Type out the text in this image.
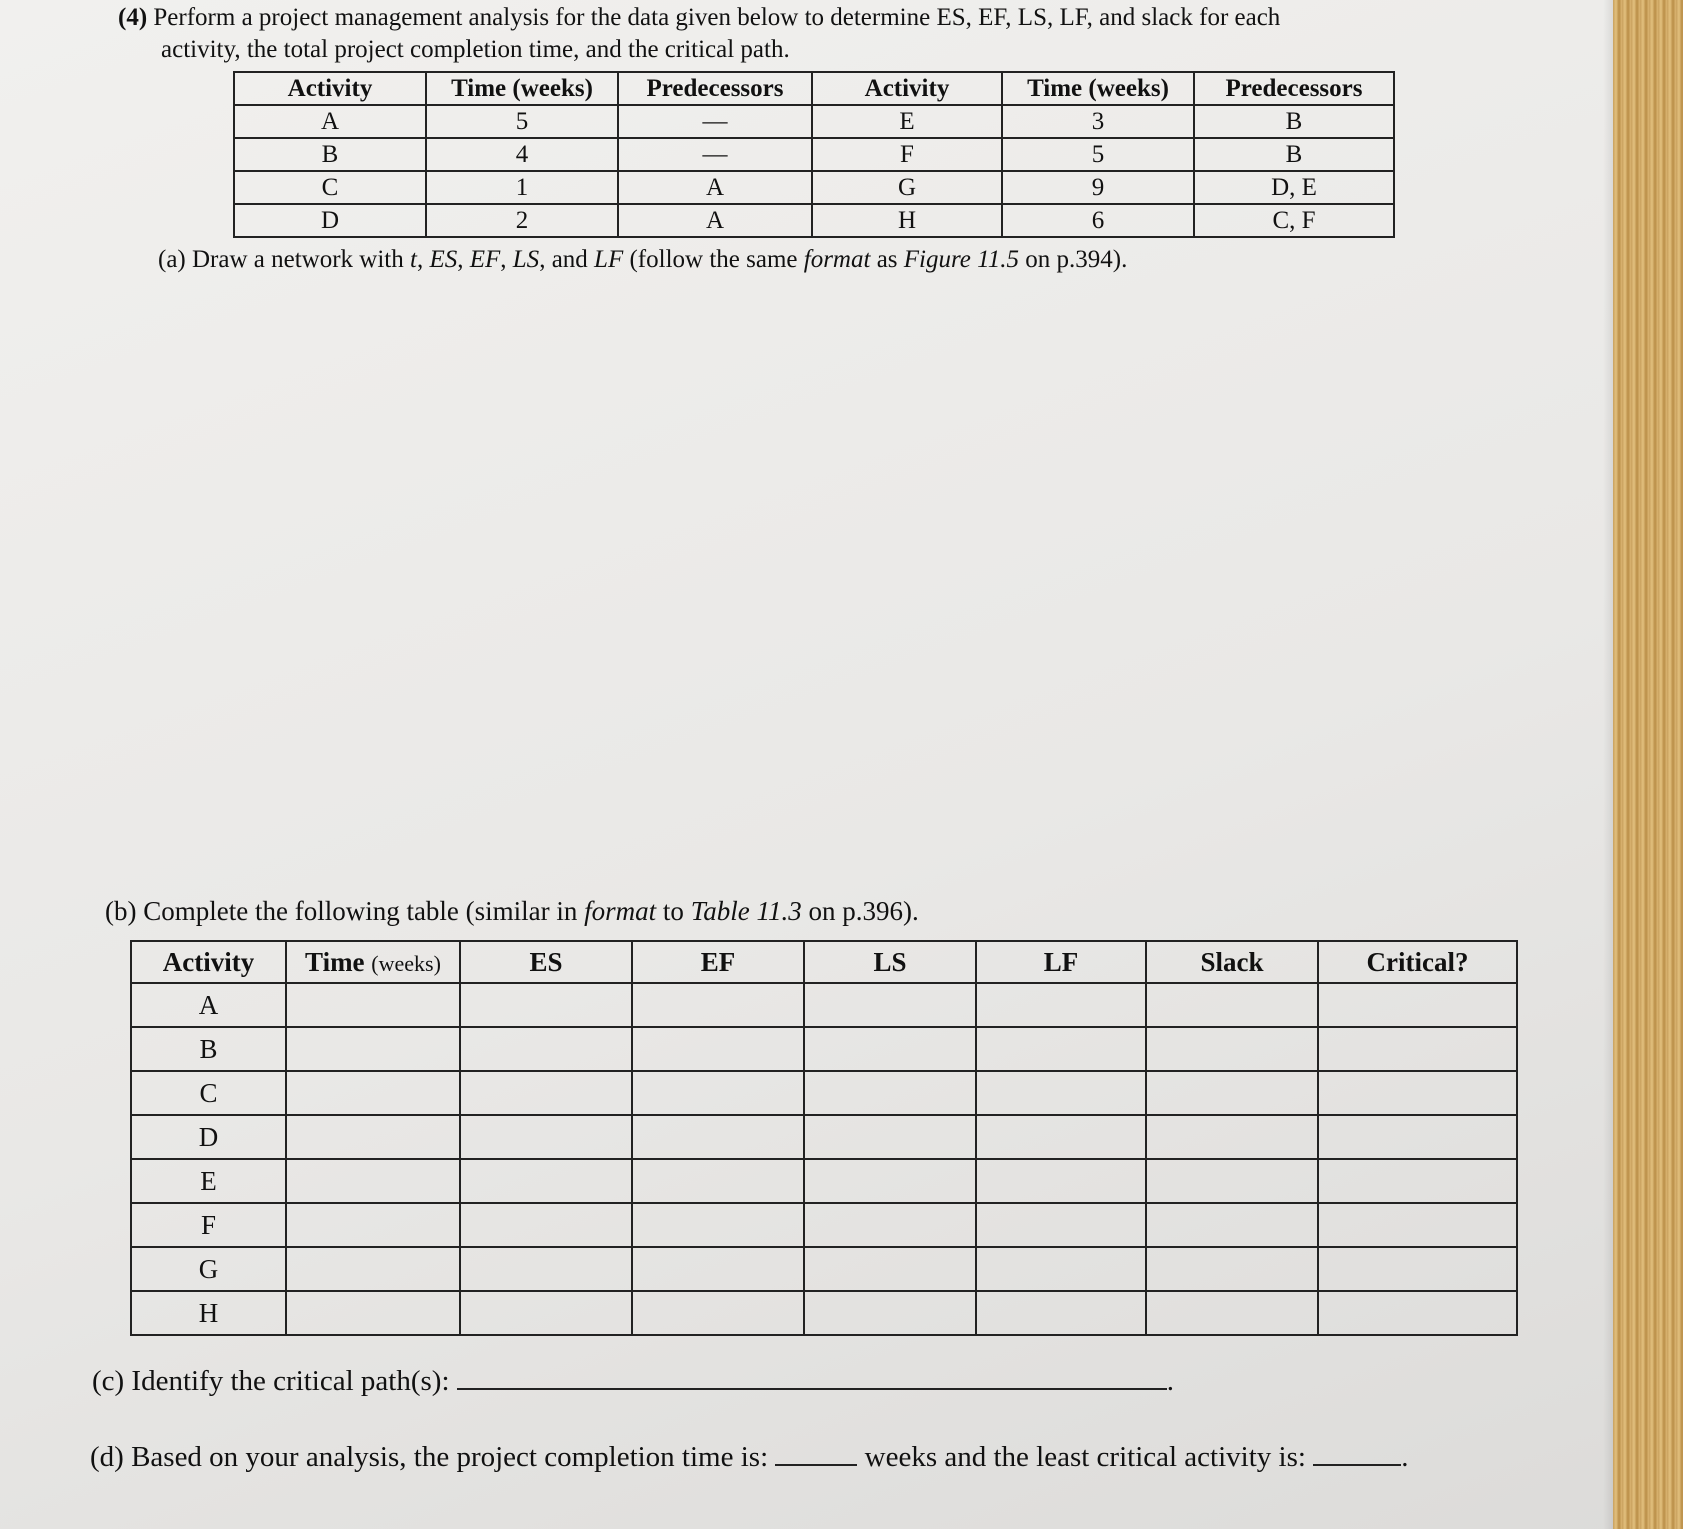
(4) Perform a project management analysis for the data given below to determine ES, EF, LS, LF, and slack for each
activity, the total project completion time, and the critical path.
Activity	Time (weeks)	Predecessors	Activity	Time (weeks)	Predecessors
A	5	—	E	3	B
B	4	—	F	5	B
C	1	A	G	9	D, E
D	2	A	H	6	C, F
(a) Draw a network with t, ES, EF, LS, and LF (follow the same format as Figure 11.5 on p.394).
(b) Complete the following table (similar in format to Table 11.3 on p.396).
Activity	Time (weeks)	ES	EF	LS	LF	Slack	Critical?
A							
B							
C							
D							
E							
F							
G							
H							
(c) Identify the critical path(s):	.
(d) Based on your analysis, the project completion time is:	weeks and the least critical activity is:	.
